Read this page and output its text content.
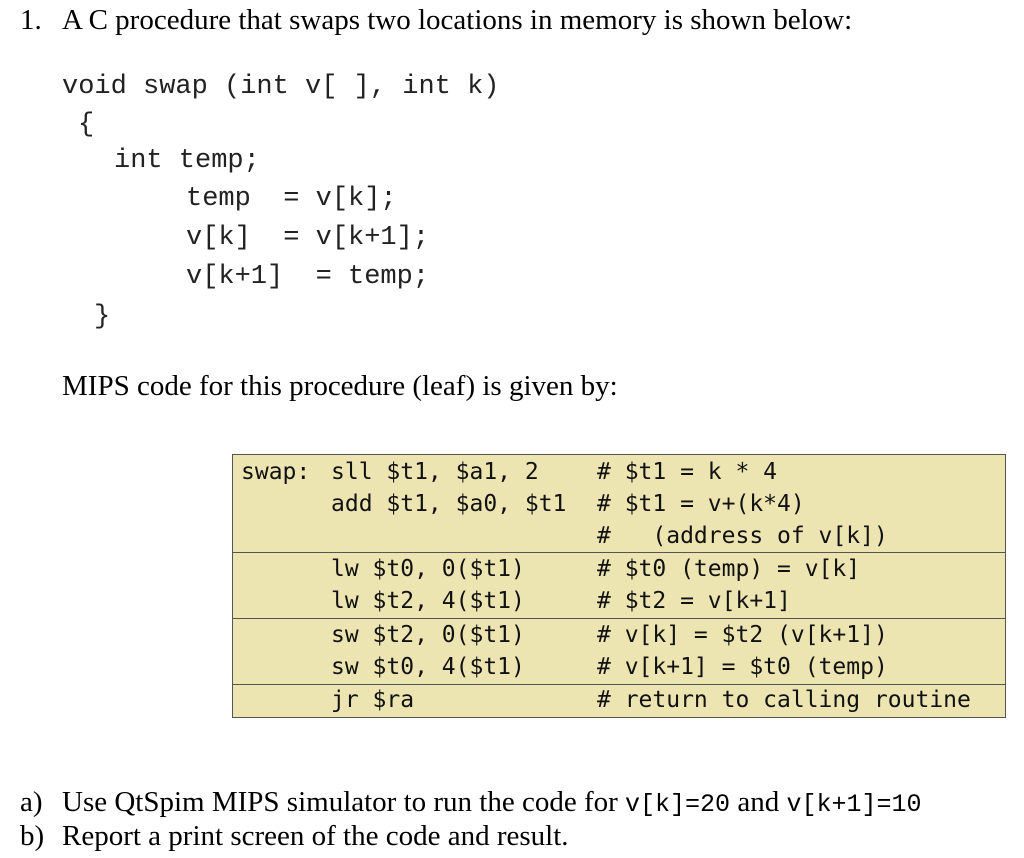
1. A C procedure that swaps two locations in memory is shown below:
void swap (int v[ ], int k)
{
int temp;
temp  = v[k];
v[k]  = v[k+1];
v[k+1]  = temp;
}
MIPS code for this procedure (leaf) is given by:
swap: sll $t1, $a1, 2	# $t1 = k * 4
add $t1, $a0, $t1 # $t1 = v+(k*4)
#   (address of v[k])
lw $t0, 0($t1)	# $t0 (temp) = v[k]
lw $t2, 4($t1)	# $t2 = v[k+1]
sw $t2, 0($t1)	# v[k] = $t2 (v[k+1])
sw $t0, 4($t1)	# v[k+1] = $t0 (temp)
jr $ra	# return to calling routine
a) Use QtSpim MIPS simulator to run the code for v[k]=20 and v[k+1]=10
b) Report a print screen of the code and result.
